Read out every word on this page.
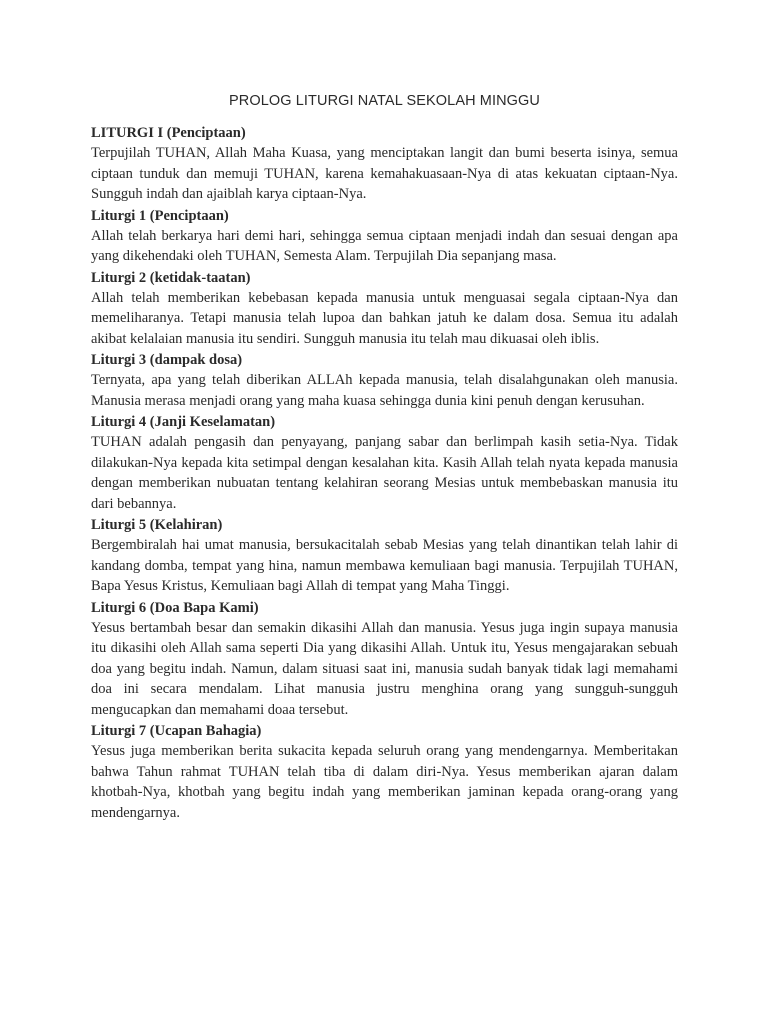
PROLOG LITURGI NATAL SEKOLAH MINGGU

LITURGI I (Penciptaan)

Terpujilah TUHAN, Allah Maha Kuasa, yang menciptakan langit dan bumi beserta isinya, semua ciptaan tunduk dan memuji TUHAN, karena kemahakuasaan-Nya di atas kekuatan ciptaan-Nya. Sungguh indah dan ajaiblah karya ciptaan-Nya.

Liturgi 1 (Penciptaan)

Allah telah berkarya hari demi hari, sehingga semua ciptaan menjadi indah dan sesuai dengan apa yang dikehendaki oleh TUHAN, Semesta Alam. Terpujilah Dia sepanjang masa.

Liturgi 2 (ketidak-taatan)

Allah telah memberikan kebebasan kepada manusia untuk menguasai segala ciptaan-Nya dan memeliharanya. Tetapi manusia telah lupoa dan bahkan jatuh ke dalam dosa. Semua itu adalah akibat kelalaian manusia itu sendiri. Sungguh manusia itu telah mau dikuasai oleh iblis.

Liturgi 3 (dampak dosa)

Ternyata, apa yang telah diberikan ALLAh kepada manusia, telah disalahgunakan oleh manusia. Manusia merasa menjadi orang yang maha kuasa sehingga dunia kini penuh dengan kerusuhan.

Liturgi 4 (Janji Keselamatan)

TUHAN adalah pengasih dan penyayang, panjang sabar dan berlimpah kasih setia-Nya. Tidak dilakukan-Nya kepada kita setimpal dengan kesalahan kita. Kasih Allah telah nyata kepada manusia dengan memberikan nubuatan tentang kelahiran seorang Mesias untuk membebaskan manusia itu dari bebannya.

Liturgi 5 (Kelahiran)

Bergembiralah hai umat manusia, bersukacitalah sebab Mesias yang telah dinantikan telah lahir di kandang domba, tempat yang hina, namun membawa kemuliaan bagi manusia. Terpujilah TUHAN, Bapa Yesus Kristus, Kemuliaan bagi Allah di tempat yang Maha Tinggi.

Liturgi 6 (Doa Bapa Kami)

Yesus bertambah besar dan semakin dikasihi Allah dan manusia. Yesus juga ingin supaya manusia itu dikasihi oleh Allah sama seperti Dia yang dikasihi Allah. Untuk itu, Yesus mengajarakan sebuah doa yang begitu indah. Namun, dalam situasi saat ini, manusia sudah banyak tidak lagi memahami doa ini secara mendalam. Lihat manusia justru menghina orang yang sungguh-sungguh mengucapkan dan memahami doaa tersebut.

Liturgi 7 (Ucapan Bahagia)

Yesus juga memberikan berita sukacita kepada seluruh orang yang mendengarnya. Memberitakan bahwa Tahun rahmat TUHAN telah tiba di dalam diri-Nya. Yesus memberikan ajaran dalam khotbah-Nya, khotbah yang begitu indah yang memberikan jaminan kepada orang-orang yang mendengarnya.
